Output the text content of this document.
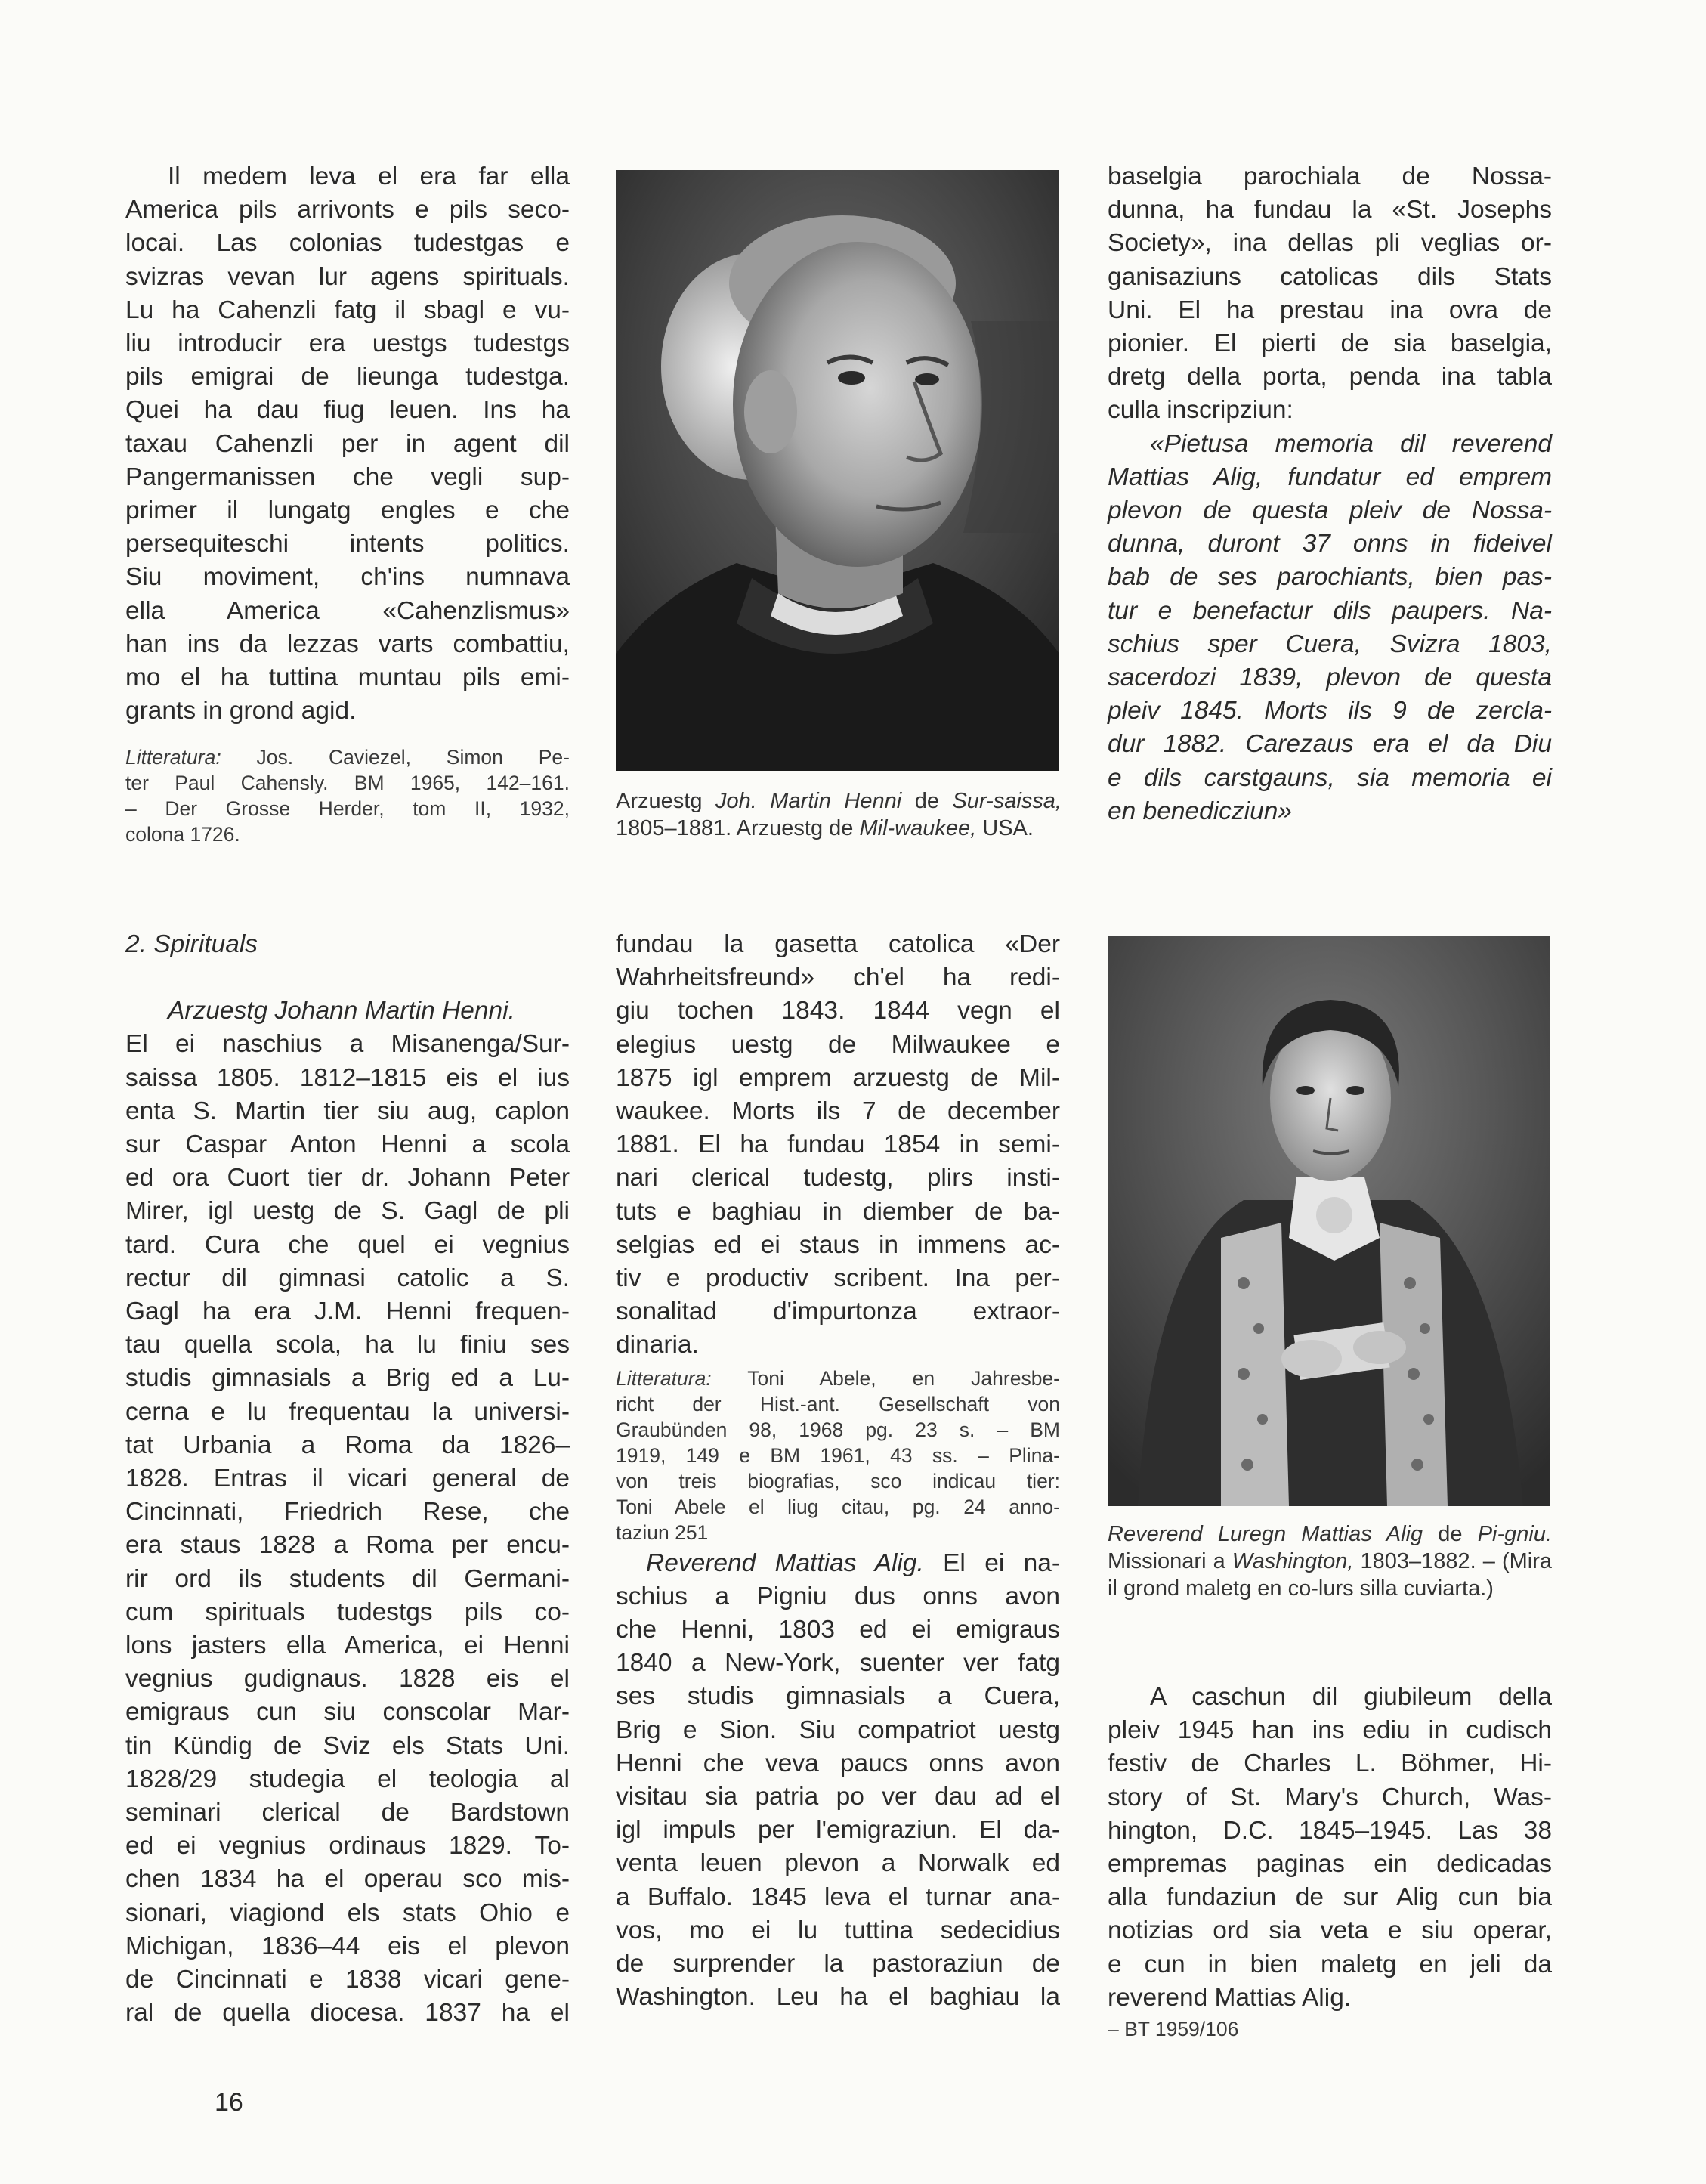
Il medem leva el era far ella
America pils arrivonts e pils seco-
locai. Las colonias tudestgas e
svizras vevan lur agens spirituals.
Lu ha Cahenzli fatg il sbagl e vu-
liu introducir era uestgs tudestgs
pils emigrai de lieunga tudestga.
Quei ha dau fiug leuen. Ins ha
taxau Cahenzli per in agent dil
Pangermanissen che vegli sup-
primer il lungatg engles e che
persequiteschi intents politics.
Siu moviment, ch'ins numnava
ella America «Cahenzlismus»
han ins da lezzas varts combattiu,
mo el ha tuttina muntau pils emi-
grants in grond agid.
Litteratura: Jos. Caviezel, Simon Pe-
ter Paul Cahensly. BM 1965, 142–161.
– Der Grosse Herder, tom II, 1932,
colona 1726.
Arzuestg Joh. Martin Henni de Sur-saissa, 1805–1881. Arzuestg de Mil-waukee, USA.
baselgia parochiala de Nossa-
dunna, ha fundau la «St. Josephs
Society», ina dellas pli veglias or-
ganisaziuns catolicas dils Stats
Uni. El ha prestau ina ovra de
pionier. El pierti de sia baselgia,
dretg della porta, penda ina tabla
culla inscripziun:
«Pietusa memoria dil reverend
Mattias Alig, fundatur ed emprem
plevon de questa pleiv de Nossa-
dunna, duront 37 onns in fideivel
bab de ses parochiants, bien pas-
tur e benefactur dils paupers. Na-
schius sper Cuera, Svizra 1803,
sacerdozi 1839, plevon de questa
pleiv 1845. Morts ils 9 de zercla-
dur 1882. Carezaus era el da Diu
e dils carstgauns, sia memoria ei
en benedicziun»
2. Spirituals
Arzuestg Johann Martin Henni.
El ei naschius a Misanenga/Sur-
saissa 1805. 1812–1815 eis el ius
enta S. Martin tier siu aug, caplon
sur Caspar Anton Henni a scola
ed ora Cuort tier dr. Johann Peter
Mirer, igl uestg de S. Gagl de pli
tard. Cura che quel ei vegnius
rectur dil gimnasi catolic a S.
Gagl ha era J.M. Henni frequen-
tau quella scola, ha lu finiu ses
studis gimnasials a Brig ed a Lu-
cerna e lu frequentau la universi-
tat Urbania a Roma da 1826–
1828. Entras il vicari general de
Cincinnati, Friedrich Rese, che
era staus 1828 a Roma per encu-
rir ord ils students dil Germani-
cum spirituals tudestgs pils co-
lons jasters ella America, ei Henni
vegnius gudignaus. 1828 eis el
emigraus cun siu conscolar Mar-
tin Kündig de Sviz els Stats Uni.
1828/29 studegia el teologia al
seminari clerical de Bardstown
ed ei vegnius ordinaus 1829. To-
chen 1834 ha el operau sco mis-
sionari, viagiond els stats Ohio e
Michigan, 1836–44 eis el plevon
de Cincinnati e 1838 vicari gene-
ral de quella diocesa. 1837 ha el
fundau la gasetta catolica «Der
Wahrheitsfreund» ch'el ha redi-
giu tochen 1843. 1844 vegn el
elegius uestg de Milwaukee e
1875 igl emprem arzuestg de Mil-
waukee. Morts ils 7 de december
1881. El ha fundau 1854 in semi-
nari clerical tudestg, plirs insti-
tuts e baghiau in diember de ba-
selgias ed ei staus in immens ac-
tiv e productiv scribent. Ina per-
sonalitad d'impurtonza extraor-
dinaria.
Litteratura: Toni Abele, en Jahresbe-
richt der Hist.-ant. Gesellschaft von
Graubünden 98, 1968 pg. 23 s. – BM
1919, 149 e BM 1961, 43 ss. – Plina-
von treis biografias, sco indicau tier:
Toni Abele el liug citau, pg. 24 anno-
taziun 251
Reverend Mattias Alig. El ei na-
schius a Pigniu dus onns avon
che Henni, 1803 ed ei emigraus
1840 a New-York, suenter ver fatg
ses studis gimnasials a Cuera,
Brig e Sion. Siu compatriot uestg
Henni che veva paucs onns avon
visitau sia patria po ver dau ad el
igl impuls per l'emigraziun. El da-
venta leuen plevon a Norwalk ed
a Buffalo. 1845 leva el turnar ana-
vos, mo ei lu tuttina sedecidius
de surprender la pastoraziun de
Washington. Leu ha el baghiau la
Reverend Luregn Mattias Alig de Pi-gniu. Missionari a Washington, 1803–1882. – (Mira il grond maletg en co-lurs silla cuviarta.)
A caschun dil giubileum della
pleiv 1945 han ins ediu in cudisch
festiv de Charles L. Böhmer, Hi-
story of St. Mary's Church, Was-
hington, D.C. 1845–1945. Las 38
empremas paginas ein dedicadas
alla fundaziun de sur Alig cun bia
notizias ord sia veta e siu operar,
e cun in bien maletg en jeli da
reverend Mattias Alig.
– BT 1959/106
16
